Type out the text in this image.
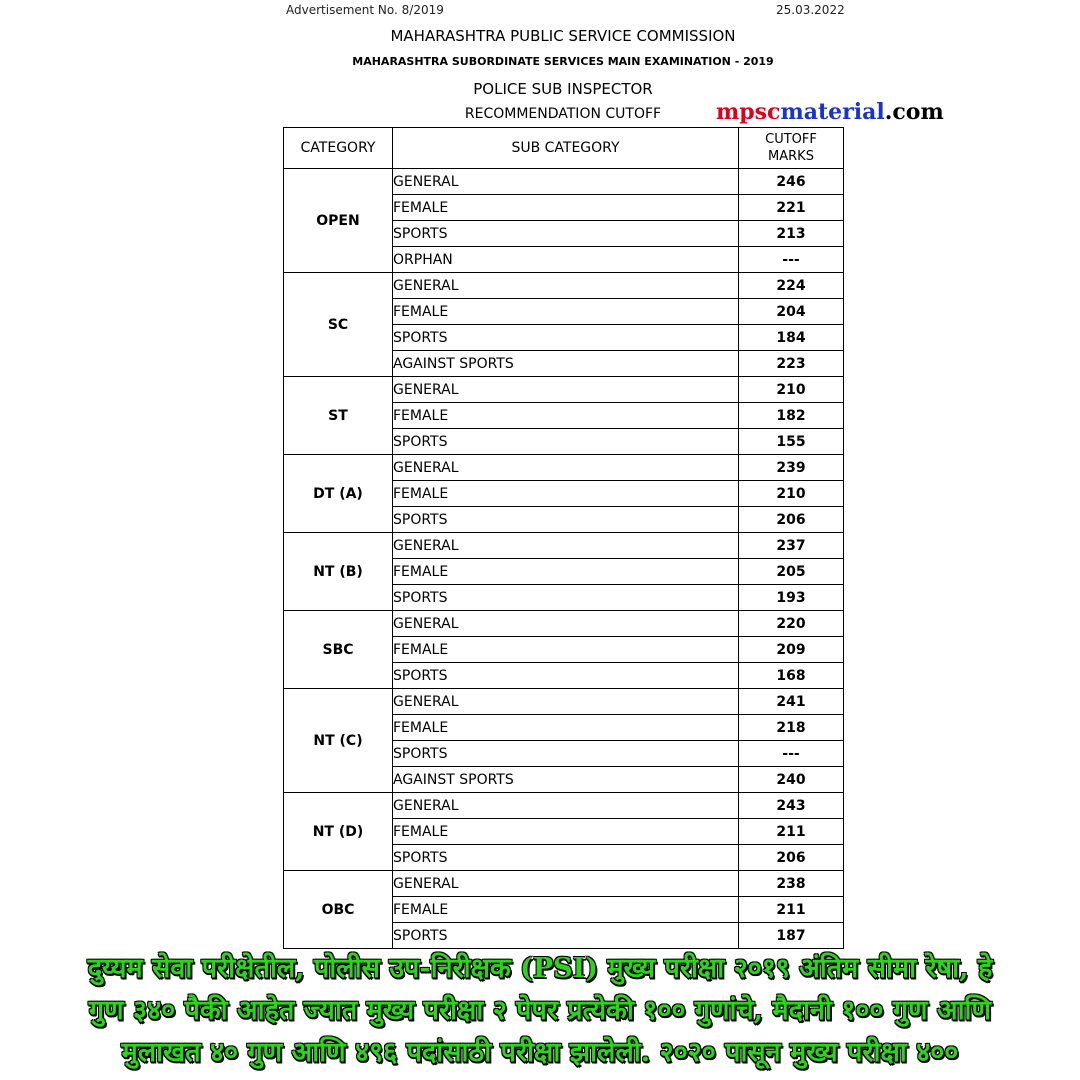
Advertisement No. 8/2019	25.03.2022
MAHARASHTRA PUBLIC SERVICE COMMISSION
MAHARASHTRA SUBORDINATE SERVICES MAIN EXAMINATION - 2019
POLICE SUB INSPECTOR
RECOMMENDATION CUTOFF	mpscmaterial.com
CATEGORY	SUB CATEGORY	CUTOFF
MARKS
OPEN	GENERAL	246
	FEMALE	221
	SPORTS	213
	ORPHAN	---
SC	GENERAL	224
	FEMALE	204
	SPORTS	184
	AGAINST SPORTS	223
ST	GENERAL	210
	FEMALE	182
	SPORTS	155
DT (A)	GENERAL	239
	FEMALE	210
	SPORTS	206
NT (B)	GENERAL	237
	FEMALE	205
	SPORTS	193
SBC	GENERAL	220
	FEMALE	209
	SPORTS	168
NT (C)	GENERAL	241
	FEMALE	218
	SPORTS	---
	AGAINST SPORTS	240
NT (D)	GENERAL	243
	FEMALE	211
	SPORTS	206
OBC	GENERAL	238
	FEMALE	211
	SPORTS	187
दुय्यम सेवा परीक्षेतील, पोलीस उप-निरीक्षक (PSI) मुख्य परीक्षा २०१९ अंतिम सीमा रेषा, हे
गुण ३४० पैकी आहेत ज्यात मुख्य परीक्षा २ पेपर प्रत्येकी १०० गुणांचे, मैदानी १०० गुण आणि
मुलाखत ४० गुण आणि ४९६ पदांसाठी परीक्षा झालेली. २०२० पासून मुख्य परीक्षा ४००
